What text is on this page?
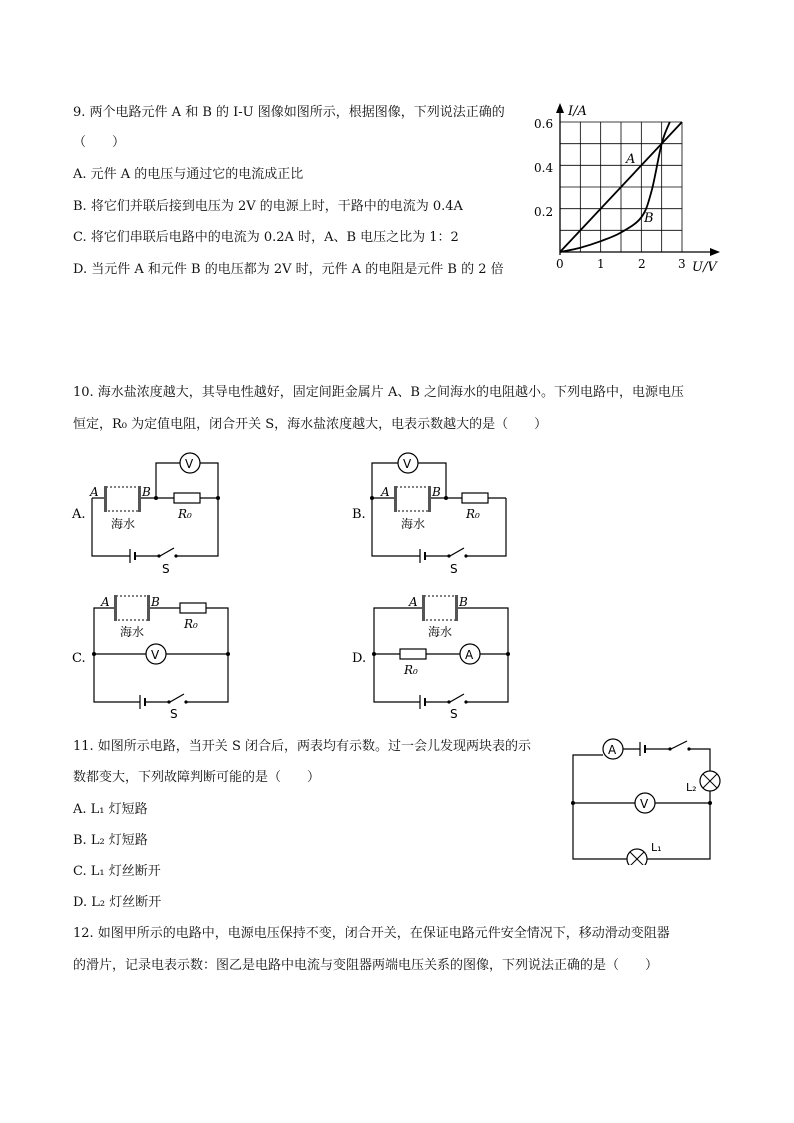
9. 两个电路元件 A 和 B 的 I-U 图像如图所示，根据图像，下列说法正确的
（　　）
A. 元件 A 的电压与通过它的电流成正比
B. 将它们并联后接到电压为 2V 的电源上时，干路中的电流为 0.4A
C. 将它们串联后电路中的电流为 0.2A 时，A、B 电压之比为 1：2
D. 当元件 A 和元件 B 的电压都为 2V 时，元件 A 的电阻是元件 B 的 2 倍
I/A
U/V
0	1	2	3
0.2
0.4
0.6
A
B
10. 海水盐浓度越大，其导电性越好，固定间距金属片 A、B 之间海水的电阻越小。下列电路中，电源电压
恒定，R₀ 为定值电阻，闭合开关 S，海水盐浓度越大，电表示数越大的是（　　）
A.
V
A	B
海水
R₀
S
B.
V
A	B
海水
R₀
S
C.
A	B
海水
R₀
V
S
D.
A	B
海水
R₀
A
S
11. 如图所示电路，当开关 S 闭合后，两表均有示数。过一会儿发现两块表的示
数都变大，下列故障判断可能的是（　　）
A. L₁ 灯短路
B. L₂ 灯短路
C. L₁ 灯丝断开
D. L₂ 灯丝断开
A
L₂
V
L₁
12. 如图甲所示的电路中，电源电压保持不变，闭合开关，在保证电路元件安全情况下，移动滑动变阻器
的滑片，记录电表示数：图乙是电路中电流与变阻器两端电压关系的图像，下列说法正确的是（　　）
